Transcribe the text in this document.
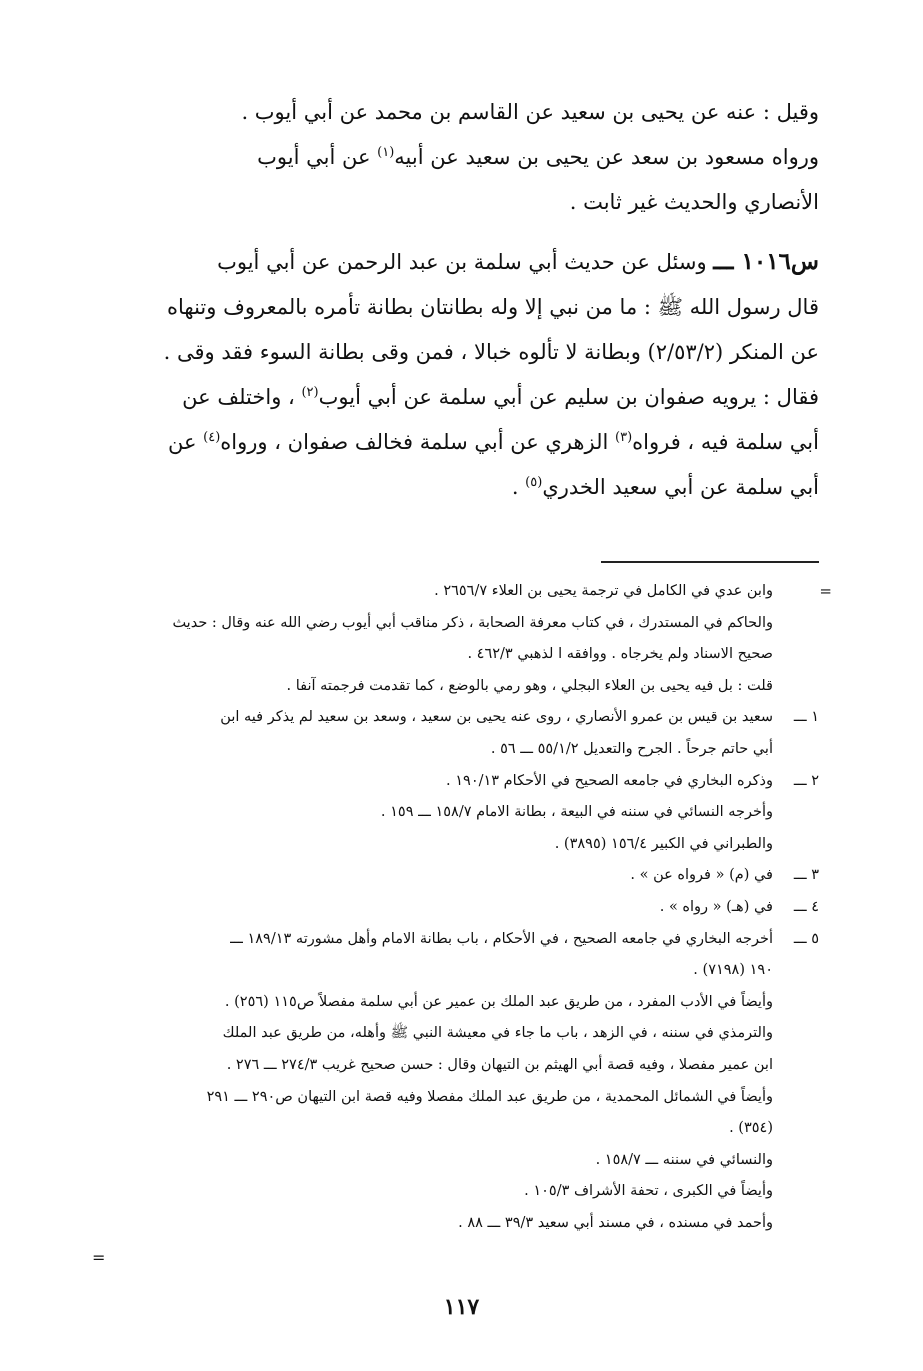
وقيل : عنه عن يحيى بن سعيد عن القاسم بن محمد عن أبي أيوب .

ورواه مسعود بن سعد عن يحيى بن سعيد عن أبيه$^{(١)}$ عن أبي أيوب

الأنصاري والحديث غير ثابت .

س١٠١٦ ـــ وسئل عن حديث أبي سلمة بن عبد الرحمن عن أبي أيوب

قال رسول الله ﷺ : ما من نبي إلا وله بطانتان بطانة تأمره بالمعروف وتنهاه

عن المنكر (٢/٥٣/٢) وبطانة لا تألوه خبالا ، فمن وقى بطانة السوء فقد وقى .

فقال : يرويه صفوان بن سليم عن أبي سلمة عن أبي أيوب$^{(٢)}$ ، واختلف عن

أبي سلمة فيه ، فرواه$^{(٣)}$ الزهري عن أبي سلمة فخالف صفوان ، ورواه$^{(٤)}$ عن

أبي سلمة عن أبي سعيد الخدري$^{(٥)}$ .

=
وابن عدي في الكامل في ترجمة يحيى بن العلاء ٢٦٥٦/٧ .
والحاكم في المستدرك ، في كتاب معرفة الصحابة ، ذكر مناقب أبي أيوب رضي الله عنه وقال : حديث
صحيح الاسناد ولم يخرجاه . ووافقه ا لذهبي ٤٦٢/٣ .
قلت : بل فيه يحيى بن العلاء البجلي ، وهو رمي بالوضع ، كما تقدمت فرجمته آنفا .
١ ـــ
سعيد بن قيس بن عمرو الأنصاري ، روى عنه يحيى بن سعيد ، وسعد بن سعيد لم يذكر فيه ابن
أبي حاتم جرحاً . الجرح والتعديل ٥٥/١/٢ ـــ ٥٦ .
٢ ـــ
وذكره البخاري في جامعه الصحيح في الأحكام ١٩٠/١٣ .
وأخرجه النسائي في سننه في البيعة ، بطانة الامام ١٥٨/٧ ـــ ١٥٩ .
والطبراني في الكبير ١٥٦/٤ (٣٨٩٥) .
٣ ـــ
في (م) « فرواه عن » .
٤ ـــ
في (هـ) « رواه » .
٥ ـــ
أخرجه البخاري في جامعه الصحيح ، في الأحكام ، باب بطانة الامام وأهل مشورته ١٨٩/١٣ ـــ
١٩٠ (٧١٩٨) .
وأيضاً في الأدب المفرد ، من طريق عبد الملك بن عمير عن أبي سلمة مفصلاً ص١١٥ (٢٥٦) .
والترمذي في سننه ، في الزهد ، باب ما جاء في معيشة النبي ﷺ وأهله، من طريق عبد الملك
ابن عمير مفصلا ، وفيه قصة أبي الهيثم بن التيهان وقال : حسن صحيح غريب ٢٧٤/٣ ـــ ٢٧٦ .
وأيضاً في الشمائل المحمدية ، من طريق عبد الملك مفصلا وفيه قصة ابن التيهان ص٢٩٠ ـــ ٢٩١
(٣٥٤) .
والنسائي في سننه ـــ ١٥٨/٧ .
وأيضاً في الكبرى ، تحفة الأشراف ١٠٥/٣ .
وأحمد في مسنده ، في مسند أبي سعيد ٣٩/٣ ـــ ٨٨ .
=
١١٧
